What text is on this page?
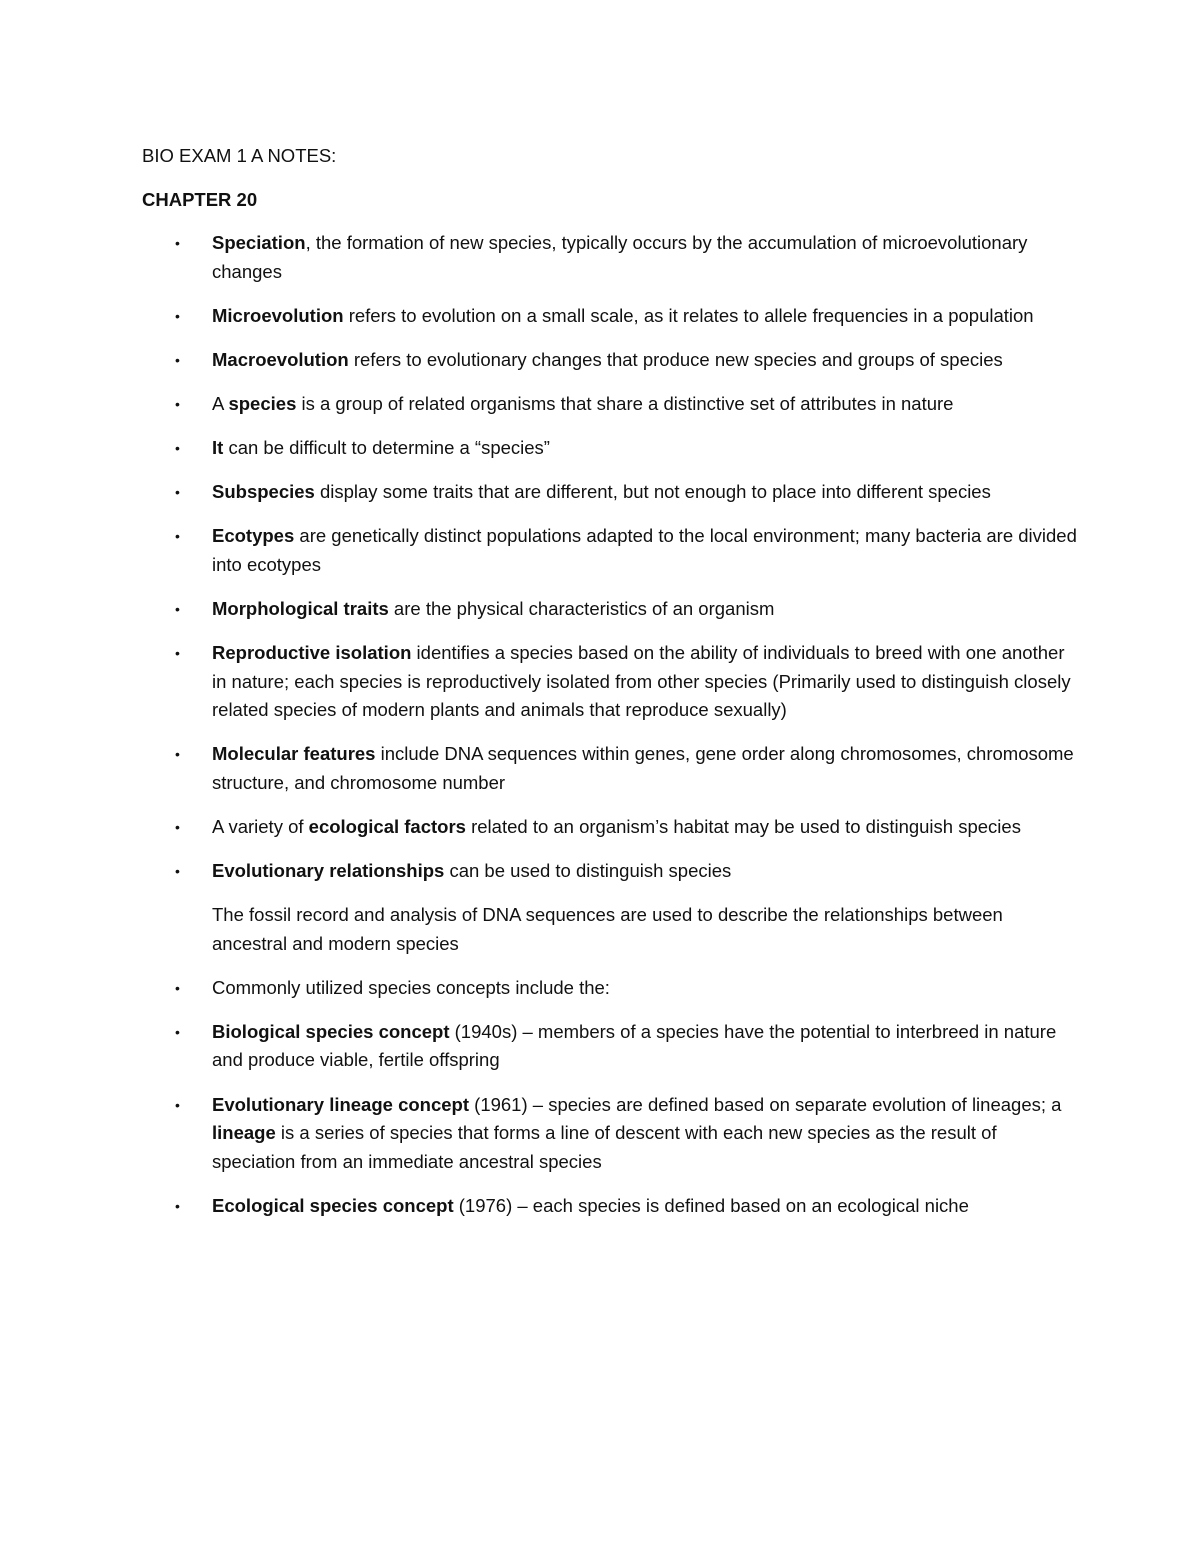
BIO EXAM 1 A NOTES:
CHAPTER 20
• Speciation, the formation of new species, typically occurs by the accumulation of microevolutionary changes
• Microevolution refers to evolution on a small scale, as it relates to allele frequencies in a population
• Macroevolution refers to evolutionary changes that produce new species and groups of species
• A species is a group of related organisms that share a distinctive set of attributes in nature
• It can be difficult to determine a “species”
• Subspecies display some traits that are different, but not enough to place into different species
• Ecotypes are genetically distinct populations adapted to the local environment; many bacteria are divided into ecotypes
• Morphological traits are the physical characteristics of an organism
• Reproductive isolation identifies a species based on the ability of individuals to breed with one another in nature; each species is reproductively isolated from other species (Primarily used to distinguish closely related species of modern plants and animals that reproduce sexually)
• Molecular features include DNA sequences within genes, gene order along chromosomes, chromosome structure, and chromosome number
• A variety of ecological factors related to an organism’s habitat may be used to distinguish species
• Evolutionary relationships can be used to distinguish species
The fossil record and analysis of DNA sequences are used to describe the relationships between ancestral and modern species
• Commonly utilized species concepts include the:
• Biological species concept (1940s) – members of a species have the potential to interbreed in nature and produce viable, fertile offspring
• Evolutionary lineage concept (1961) – species are defined based on separate evolution of lineages; a lineage is a series of species that forms a line of descent with each new species as the result of speciation from an immediate ancestral species
• Ecological species concept (1976) – each species is defined based on an ecological niche
